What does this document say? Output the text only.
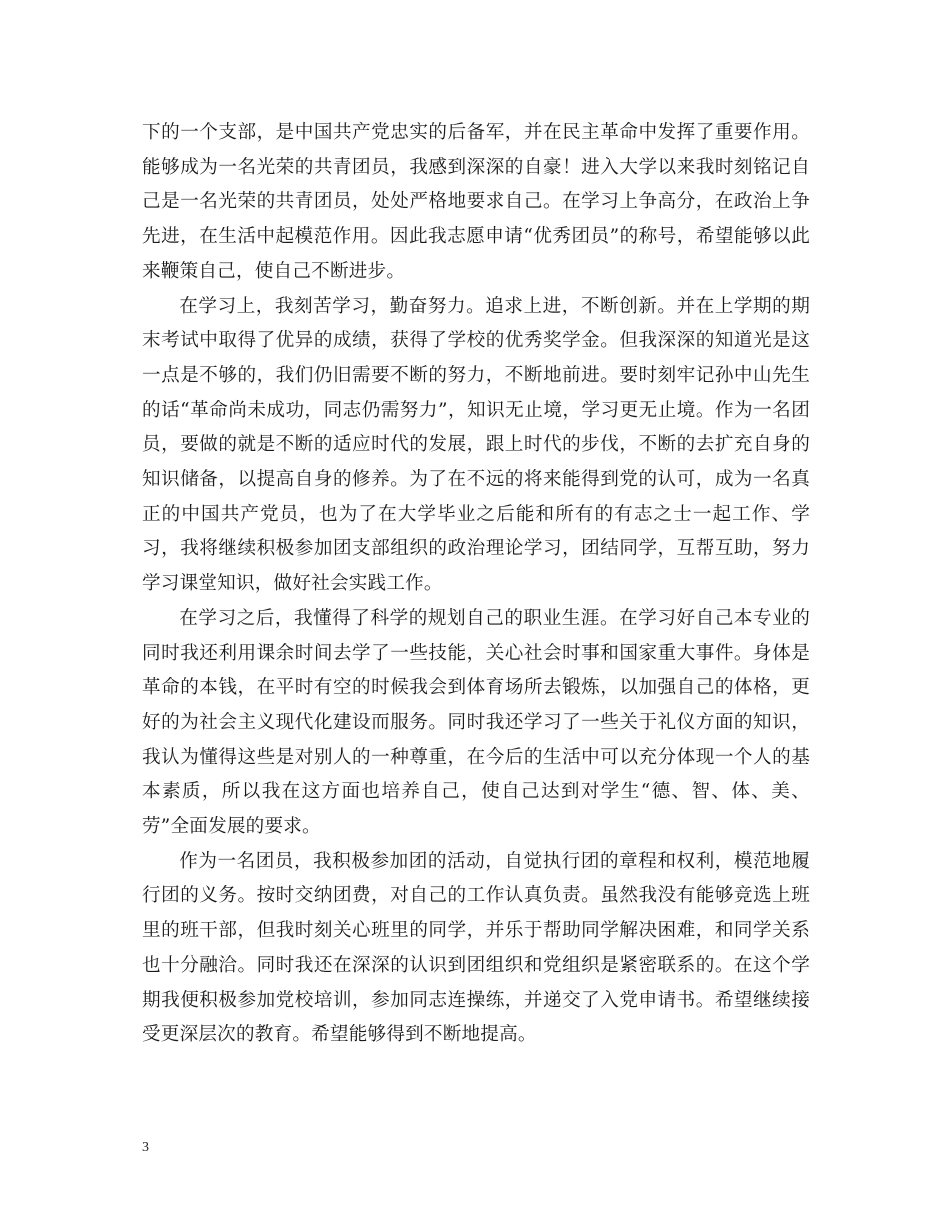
下的一个支部，是中国共产党忠实的后备军，并在民主革命中发挥了重要作用。能够成为一名光荣的共青团员，我感到深深的自豪！进入大学以来我时刻铭记自己是一名光荣的共青团员，处处严格地要求自己。在学习上争高分，在政治上争先进，在生活中起模范作用。因此我志愿申请“优秀团员”的称号，希望能够以此来鞭策自己，使自己不断进步。

在学习上，我刻苦学习，勤奋努力。追求上进，不断创新。并在上学期的期末考试中取得了优异的成绩，获得了学校的优秀奖学金。但我深深的知道光是这一点是不够的，我们仍旧需要不断的努力，不断地前进。要时刻牢记孙中山先生的话“革命尚未成功，同志仍需努力”，知识无止境，学习更无止境。作为一名团员，要做的就是不断的适应时代的发展，跟上时代的步伐，不断的去扩充自身的知识储备，以提高自身的修养。为了在不远的将来能得到党的认可，成为一名真正的中国共产党员，也为了在大学毕业之后能和所有的有志之士一起工作、学习，我将继续积极参加团支部组织的政治理论学习，团结同学，互帮互助，努力学习课堂知识，做好社会实践工作。

在学习之后，我懂得了科学的规划自己的职业生涯。在学习好自己本专业的同时我还利用课余时间去学了一些技能，关心社会时事和国家重大事件。身体是革命的本钱，在平时有空的时候我会到体育场所去锻炼，以加强自己的体格，更好的为社会主义现代化建设而服务。同时我还学习了一些关于礼仪方面的知识，我认为懂得这些是对别人的一种尊重，在今后的生活中可以充分体现一个人的基本素质，所以我在这方面也培养自己，使自己达到对学生“德、智、体、美、劳”全面发展的要求。

作为一名团员，我积极参加团的活动，自觉执行团的章程和权利，模范地履行团的义务。按时交纳团费，对自己的工作认真负责。虽然我没有能够竞选上班里的班干部，但我时刻关心班里的同学，并乐于帮助同学解决困难，和同学关系也十分融洽。同时我还在深深的认识到团组织和党组织是紧密联系的。在这个学期我便积极参加党校培训，参加同志连操练，并递交了入党申请书。希望继续接受更深层次的教育。希望能够得到不断地提高。

3
